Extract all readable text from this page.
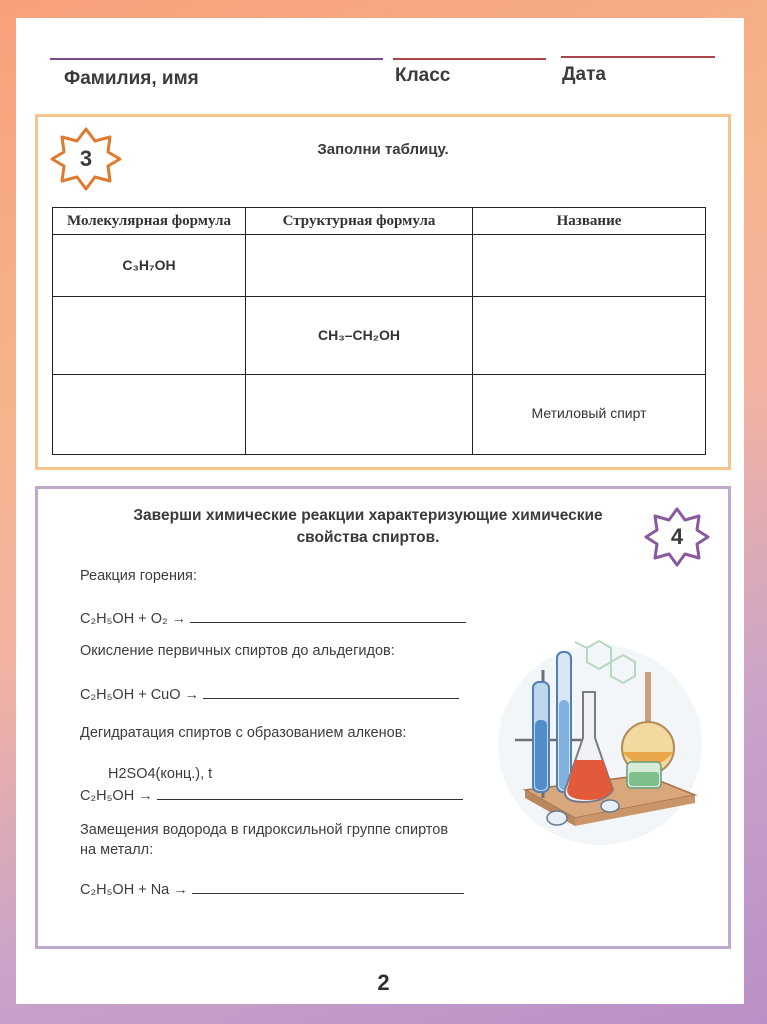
Фамилия, имя	Класс	Дата
3	Заполни таблицу.
Молекулярная формула	Структурная формула	Название
C₃H₇OH		
	CH₃–CH₂OH	
		Метиловый спирт
Заверши химические реакции характеризующие химические
свойства спиртов.	4
Реакция горения:
C₂H₅OH + O₂ →
Окисление первичных спиртов до альдегидов:
C₂H₅OH + CuO →
Дегидратация спиртов с образованием алкенов:
H2SO4(конц.), t
C₂H₅OH →
Замещения водорода в гидроксильной группе спиртов
на металл:
C₂H₅OH + Na →
2
